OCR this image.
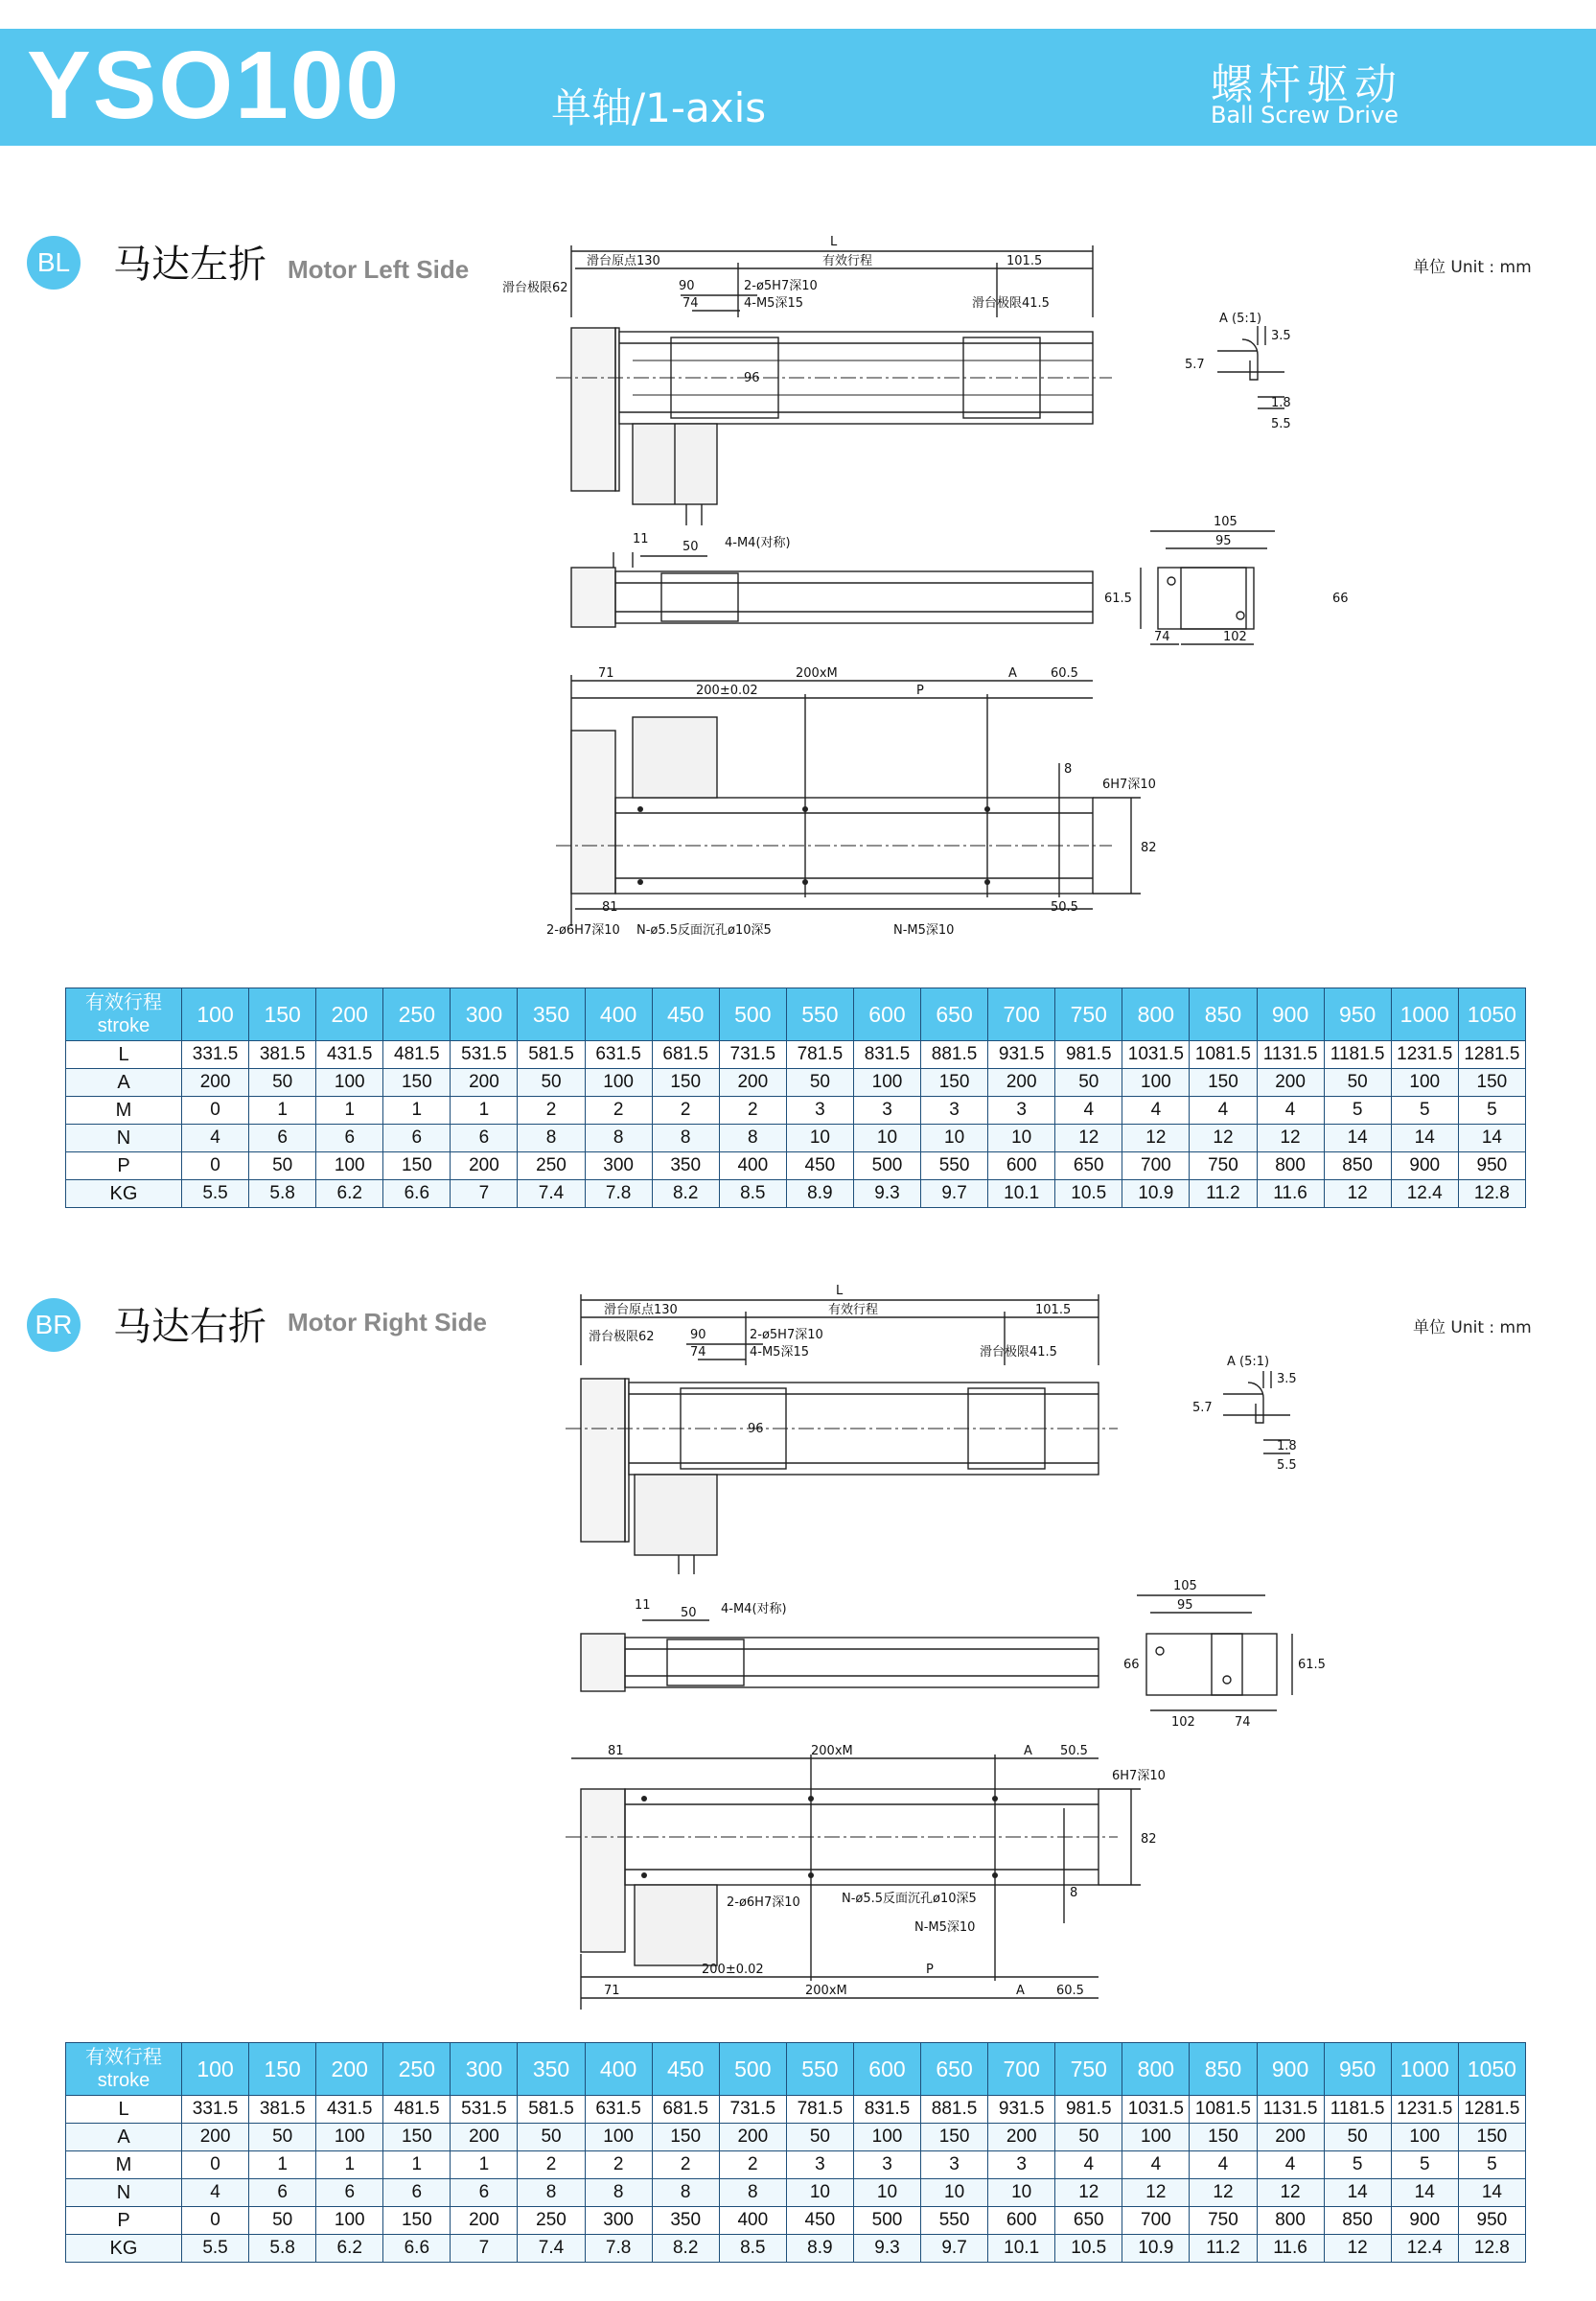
YSO100	单轴/1-axis	螺杆驱动
Ball Screw Drive
BL 马达左折 Motor Left Side	单位 Unit : mm
L
滑台原点130	有效行程	101.5
滑台极限62	90
74
2-ø5H7深10
4-M5深15	滑台极限41.5
96
A (5:1)
3.5
5.7
1.8
5.5
11
50 4-M4(对称)
105
95
61.5	66
74	102
71	200xM	A	60.5
200±0.02	P
8
6H7深10
82
81	50.5
2-ø6H7深10 N-ø5.5反面沉孔ø10深5	N-M5深10
有效行程
stroke	100	150	200	250	300	350	400	450	500	550	600	650	700	750	800	850	900	950	1000	1050
L	331.5	381.5	431.5	481.5	531.5	581.5	631.5	681.5	731.5	781.5	831.5	881.5	931.5	981.5	1031.5	1081.5	1131.5	1181.5	1231.5	1281.5
A	200	50	100	150	200	50	100	150	200	50	100	150	200	50	100	150	200	50	100	150
M	0	1	1	1	1	2	2	2	2	3	3	3	3	4	4	4	4	5	5	5
N	4	6	6	6	6	8	8	8	8	10	10	10	10	12	12	12	12	14	14	14
P	0	50	100	150	200	250	300	350	400	450	500	550	600	650	700	750	800	850	900	950
KG	5.5	5.8	6.2	6.6	7	7.4	7.8	8.2	8.5	8.9	9.3	9.7	10.1	10.5	10.9	11.2	11.6	12	12.4	12.8
BR 马达右折 Motor Right Side	单位 Unit : mm
L
滑台原点130	有效行程	101.5
滑台极限62	90
74
2-ø5H7深10
4-M5深15	滑台极限41.5
96
A (5:1)
3.5
5.7
1.8
5.5
11
50 4-M4(对称)
105
95
66	61.5
102	74
81	200xM	A 50.5
6H7深10
82
2-ø6H7深10	N-ø5.5反面沉孔ø10深5	8
N-M5深10
200±0.02	P
71	200xM	A	60.5
有效行程
stroke	100	150	200	250	300	350	400	450	500	550	600	650	700	750	800	850	900	950	1000	1050
L	331.5	381.5	431.5	481.5	531.5	581.5	631.5	681.5	731.5	781.5	831.5	881.5	931.5	981.5	1031.5	1081.5	1131.5	1181.5	1231.5	1281.5
A	200	50	100	150	200	50	100	150	200	50	100	150	200	50	100	150	200	50	100	150
M	0	1	1	1	1	2	2	2	2	3	3	3	3	4	4	4	4	5	5	5
N	4	6	6	6	6	8	8	8	8	10	10	10	10	12	12	12	12	14	14	14
P	0	50	100	150	200	250	300	350	400	450	500	550	600	650	700	750	800	850	900	950
KG	5.5	5.8	6.2	6.6	7	7.4	7.8	8.2	8.5	8.9	9.3	9.7	10.1	10.5	10.9	11.2	11.6	12	12.4	12.8
